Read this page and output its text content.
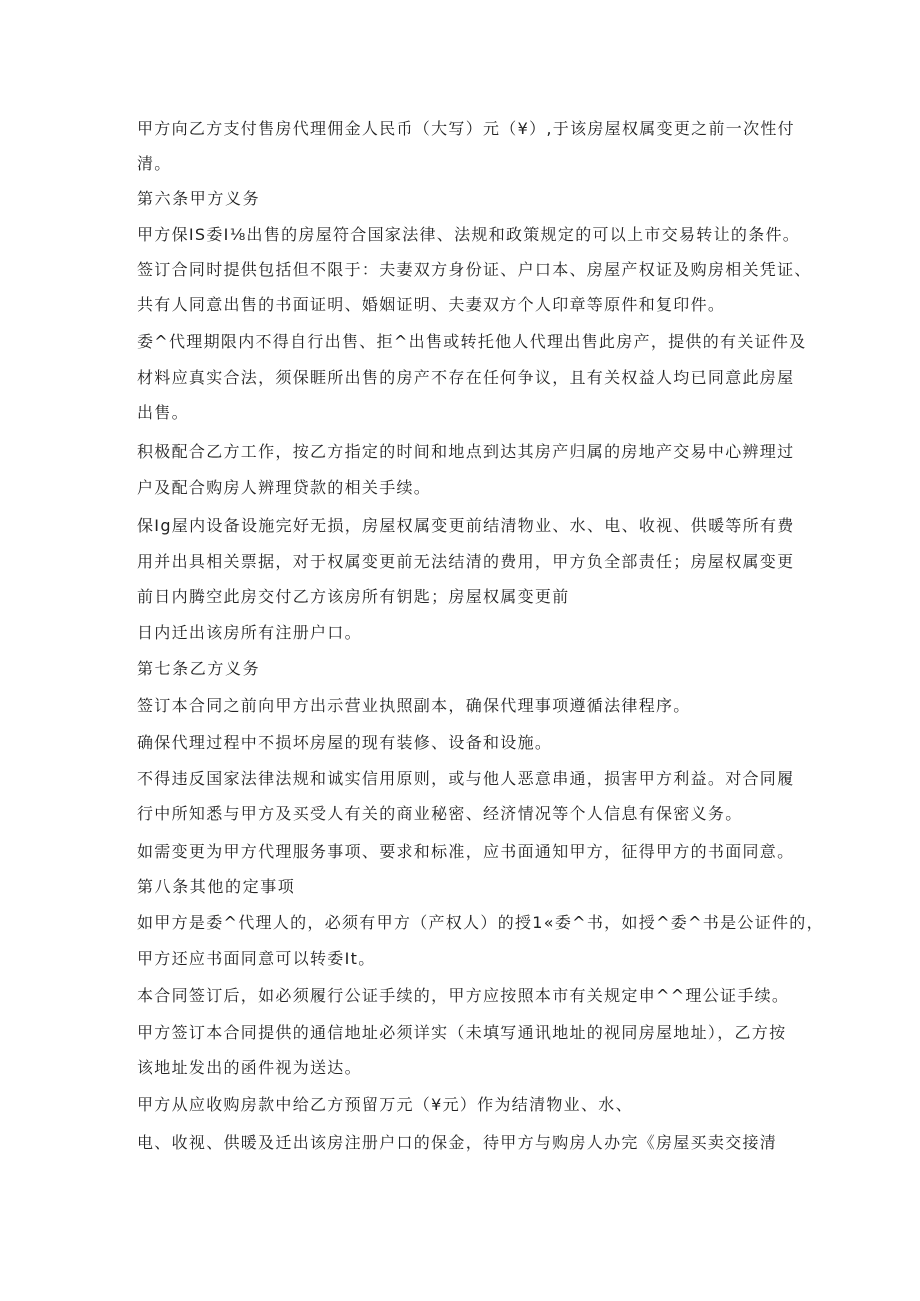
甲方向乙方支付售房代理佣金人民币（大写）元（¥）,于该房屋权属变更之前一次性付

清。

第六条甲方义务

甲方保IS委I⅛出售的房屋符合国家法律、法规和政策规定的可以上市交易转让的条件。

签订合同时提供包括但不限于：夫妻双方身份证、户口本、房屋产权证及购房相关凭证、

共有人同意出售的书面证明、婚姻证明、夫妻双方个人印章等原件和复印件。

委^代理期限内不得自行出售、拒^出售或转托他人代理出售此房产，提供的有关证件及

材料应真实合法，须保睚所出售的房产不存在任何争议，且有关权益人均已同意此房屋

出售。

积极配合乙方工作，按乙方指定的时间和地点到达其房产归属的房地产交易中心辨理过

户及配合购房人辨理贷款的相关手续。

保Ig屋内设备设施完好无损，房屋权属变更前结清物业、水、电、收视、供暖等所有费

用并出具相关票据，对于权属变更前无法结清的费用，甲方负全部责任；房屋权属变更

前日内腾空此房交付乙方该房所有钥匙；房屋权属变更前

日内迁出该房所有注册户口。

第七条乙方义务

签订本合同之前向甲方出示营业执照副本，确保代理事项遵循法律程序。

确保代理过程中不损坏房屋的现有装修、设备和设施。

不得违反国家法律法规和诚实信用原则，或与他人恶意串通，损害甲方利益。对合同履

行中所知悉与甲方及买受人有关的商业秘密、经济情况等个人信息有保密义务。

如需变更为甲方代理服务事项、要求和标准，应书面通知甲方，征得甲方的书面同意。

第八条其他的定事项

如甲方是委^代理人的，必须有甲方（产权人）的授1«委^书，如授^委^书是公证件的，

甲方还应书面同意可以转委It。

本合同签订后，如必须履行公证手续的，甲方应按照本市有关规定申^^理公证手续。

甲方签订本合同提供的通信地址必须详实（未填写通讯地址的视同房屋地址），乙方按

该地址发出的函件视为送达。

甲方从应收购房款中给乙方预留万元（¥元）作为结清物业、水、

电、收视、供暖及迁出该房注册户口的保金，待甲方与购房人办完《房屋买卖交接清
